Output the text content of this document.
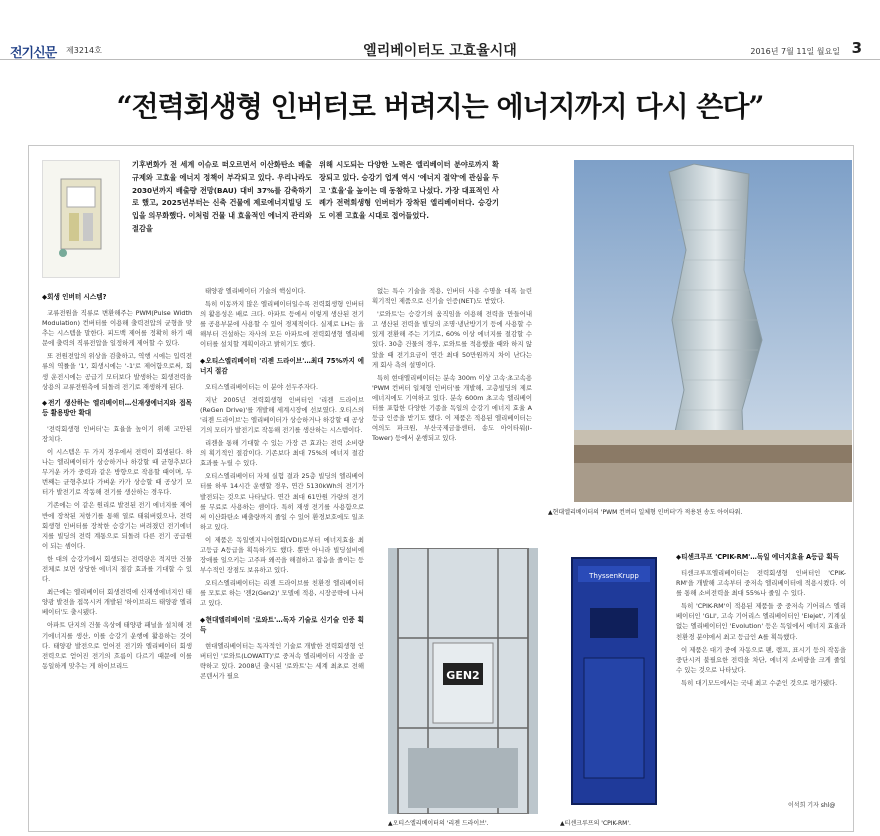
전기신문 제3214호	엘리베이터도 고효율시대	2016년 7월 11일 월요일 3
“전력회생형 인버터로 버려지는 에너지까지 다시 쓴다”

기후변화가 전 세계 이슈로 떠오르면서 이산화탄소 배출 규제와 고효율 에너지 정책이 부각되고 있다. 우리나라도 2030년까지 배출량 전망(BAU) 대비 37%를 감축하기로 했고, 2025년부터는 신축 건물에 제로에너지빌딩 도입을 의무화했다. 이처럼 건물 내 효율적인 에너지 관리와 절감을

위해 시도되는 다양한 노력은 엘리베이터 분야로까지 확장되고 있다. 승강기 업계 역시 '에너지 절약'에 관심을 두고 '효율'을 높이는 데 동참하고 나섰다. 가장 대표적인 사례가 전력회생형 인버터가 장착된 엘리베이터다. 승강기도 이젠 고효율 시대로 접어들었다.

◆회생 인버터 시스템?

교류전원을 직류로 변환해주는 PWM(Pulse Width Modulation) 컨버터를 이용해 출력전압의 균형을 맞추는 시스템을 말한다. 피드백 제어를 정확히 하기 때문에 출력의 직류전압을 일정하게 제어할 수 있다.

또 전원전압의 위상을 검출하고, 역행 시에는 입력전류의 역률을 '1', 회생시에는 '-1'로 제어함으로써, 회생 운전시에는 공급기 모터보다 발생하는 회생전력을 상용의 교류전원측에 되돌려 전기로 재생하게 된다.

◆전기 생산하는 엘리베이터…신재생에너지와 접목 등 활용방안 확대

'전력회생형 인버터'는 효율을 높이기 위해 고안된 장치다.

이 시스템은 두 가지 경우에서 전력이 회생된다. 하나는 엘리베이터가 상승하거나 하강할 때 균형추보다 무거운 카가 중력과 같은 방향으로 작용할 때이며, 두 번째는 균형추보다 가벼운 카가 상승할 때 공상기 모터가 발전기로 작동해 전기를 생산하는 경우다.

기존에는 이 같은 원리로 발전된 전기 에너지를 제어반에 장착된 저항기를 통해 열로 태워버렸으나, 전력회생형 인버터를 장착한 승강기는 버려졌던 전기에너지를 빌딩의 전력 계통으로 되돌려 다른 전기 공급원이 되는 셈이다.

한 대의 승강기에서 회생되는 전력량은 적지만 건물 전체로 보면 상당한 에너지 절감 효과를 기대할 수 있다.

최근에는 엘리베이터 회생전력에 신재생에너지인 태양광 발전을 접목시켜 개발된 '하이브리드 태양광 엘리베이터'도 출시됐다.

아파트 단지의 건물 옥상에 태양광 패널을 설치해 전기에너지를 생산, 이를 승강기 운행에 활용하는 것이다. 태양광 발전으로 얻어진 전기와 엘리베이터 회생전력으로 얻어진 전기의 흐름이 다르기 때문에 이를 동일하게 맞추는 게 하이브리드

태양광 엘리베이터 기술의 핵심이다.

특히 이동까지 많은 엘리베이터일수록 전력회생형 인버터의 활용성은 배로 크다. 아파트 등에서 이렇게 생산된 전기를 공용부분에 사용할 수 있어 경제적이다. 실제로 LH는 올해부터 건설하는 자사의 모든 아파트에 전력회생형 엘리베이터를 설치할 계획이라고 밝히기도 했다.

◆오티스엘리베이터 '리젠 드라이브'…최대 75%까지 에너지 절감

오티스엘리베이터는 이 분야 선두주자다.

지난 2005년 전력회생형 인버터인 '리젠 드라이브(ReGen Drive)'를 개발해 세계시장에 선보였다. 오티스의 '리젠 드라이브'는 엘리베이터가 상승하거나 하강할 때 공상기의 모터가 발전기로 작동해 전기를 생산하는 시스템이다.

리젠을 통해 기대할 수 있는 가장 큰 효과는 전력 소비량의 획기적인 절감이다. 기존보다 최대 75%의 에너지 절감 효과를 누릴 수 있다.

오티스엘리베이터 자체 실험 결과 25층 빌딩의 엘리베이터를 하루 14시간 운행할 경우, 연간 5130kWh의 전기가 발전되는 것으로 나타났다. 연간 최대 61만원 가량의 전기를 무료로 사용하는 셈이다. 특히 재생 전기를 사용함으로써 이산화탄소 배출량까지 줄일 수 있어 환경보호에도 일조하고 있다.

이 제품은 독일엔지니어협회(VDI)로부터 에너지효율 최고등급 A등급을 획득하기도 했다. 뿐만 아니라 빌딩설비에 장애를 일으키는 고주파 왜곡을 해결하고 잡음을 줄이는 등 부수적인 장점도 보유하고 있다.

오티스엘리베이터는 리젠 드라이브를 친환경 엘리베이터를 모토로 하는 '젠2(Gen2)' 모델에 적용, 시장공략에 나서고 있다.

◆현대엘리베이터 '로와트'…독자 기술로 신기술 인증 획득

현대엘리베이터는 독자적인 기술로 개발한 전력회생형 인버터인 '로와트(LOWATT)'로 중저속 엘리베이터 시장을 공략하고 있다. 2008년 출시된 '로와트'는 세계 최초로 전해콘덴서가 필요

없는 특수 기술을 적용, 인버터 사용 수명을 대폭 늘린 획기적인 제품으로 신기술 인증(NET)도 받았다.

'로와트'는 승강기의 움직임을 이용해 전력을 만들어내고 생산된 전력을 빌딩의 조명·냉난방기기 등에 사용할 수 있게 전환해 주는 기기로, 60% 이상 에너지를 절감할 수 있다. 30층 건물의 경우, 로와트를 적용했을 때와 하지 않았을 때 전기요금이 연간 최대 50만원까지 차이 난다는 게 회사 측의 설명이다.

특히 현대엘리베이터는 분속 300m 이상 고속·초고속용 'PWM 컨버터 일체형 인버터'를 개발해, 고층빌딩의 제로에너지에도 기여하고 있다. 분속 600m 초고속 엘리베이터를 포함한 다양한 기종을 독일의 승강기 에너지 효율 A등급 인증을 받기도 했다. 이 제품은 적용된 엘리베이터는 여의도 파크원, 부산국제금융센터, 송도 아이타워(I-Tower) 등에서 운행되고 있다.

◆티센크루프 'CPIK-RM'…독일 에너지효율 A등급 획득

티센크루프엘리베이터는 전력회생형 인버터인 'CPIK-RM'을 개발해 고속부터 중저속 엘리베이터에 적용시켰다. 이를 통해 소비전력을 최대 55%나 줄일 수 있다.

특히 'CPIK-RM'이 적용된 제품들 중 중저속 기어리스 엘리베이터인 'GLI', 고속 기어리스 엘리베이터인 'Elejet', 기계실 없는 엘리베이터인 'Evolution' 등은 독일에서 에너지 효율과 친환경 분야에서 최고 등급인 A를 획득했다.

이 제품은 대기 중에 자동으로 팬, 램프, 표시기 등의 작동을 중단시켜 불필요한 전력을 차단, 에너지 소비량을 크게 줄일 수 있는 것으로 나타났다.

특히 대기모드에서는 국내 최고 수준인 것으로 평가됐다.

▲현대엘리베이터의 'PWM 컨버터 일체형 인버터'가 적용된 송도 아이타워.
GEN2
▲오티스엘리베이터의 '리젠 드라이브'.
ThyssenKrupp
▲티센크루프의 'CPIK-RM'.
이석희 기자 shl@
